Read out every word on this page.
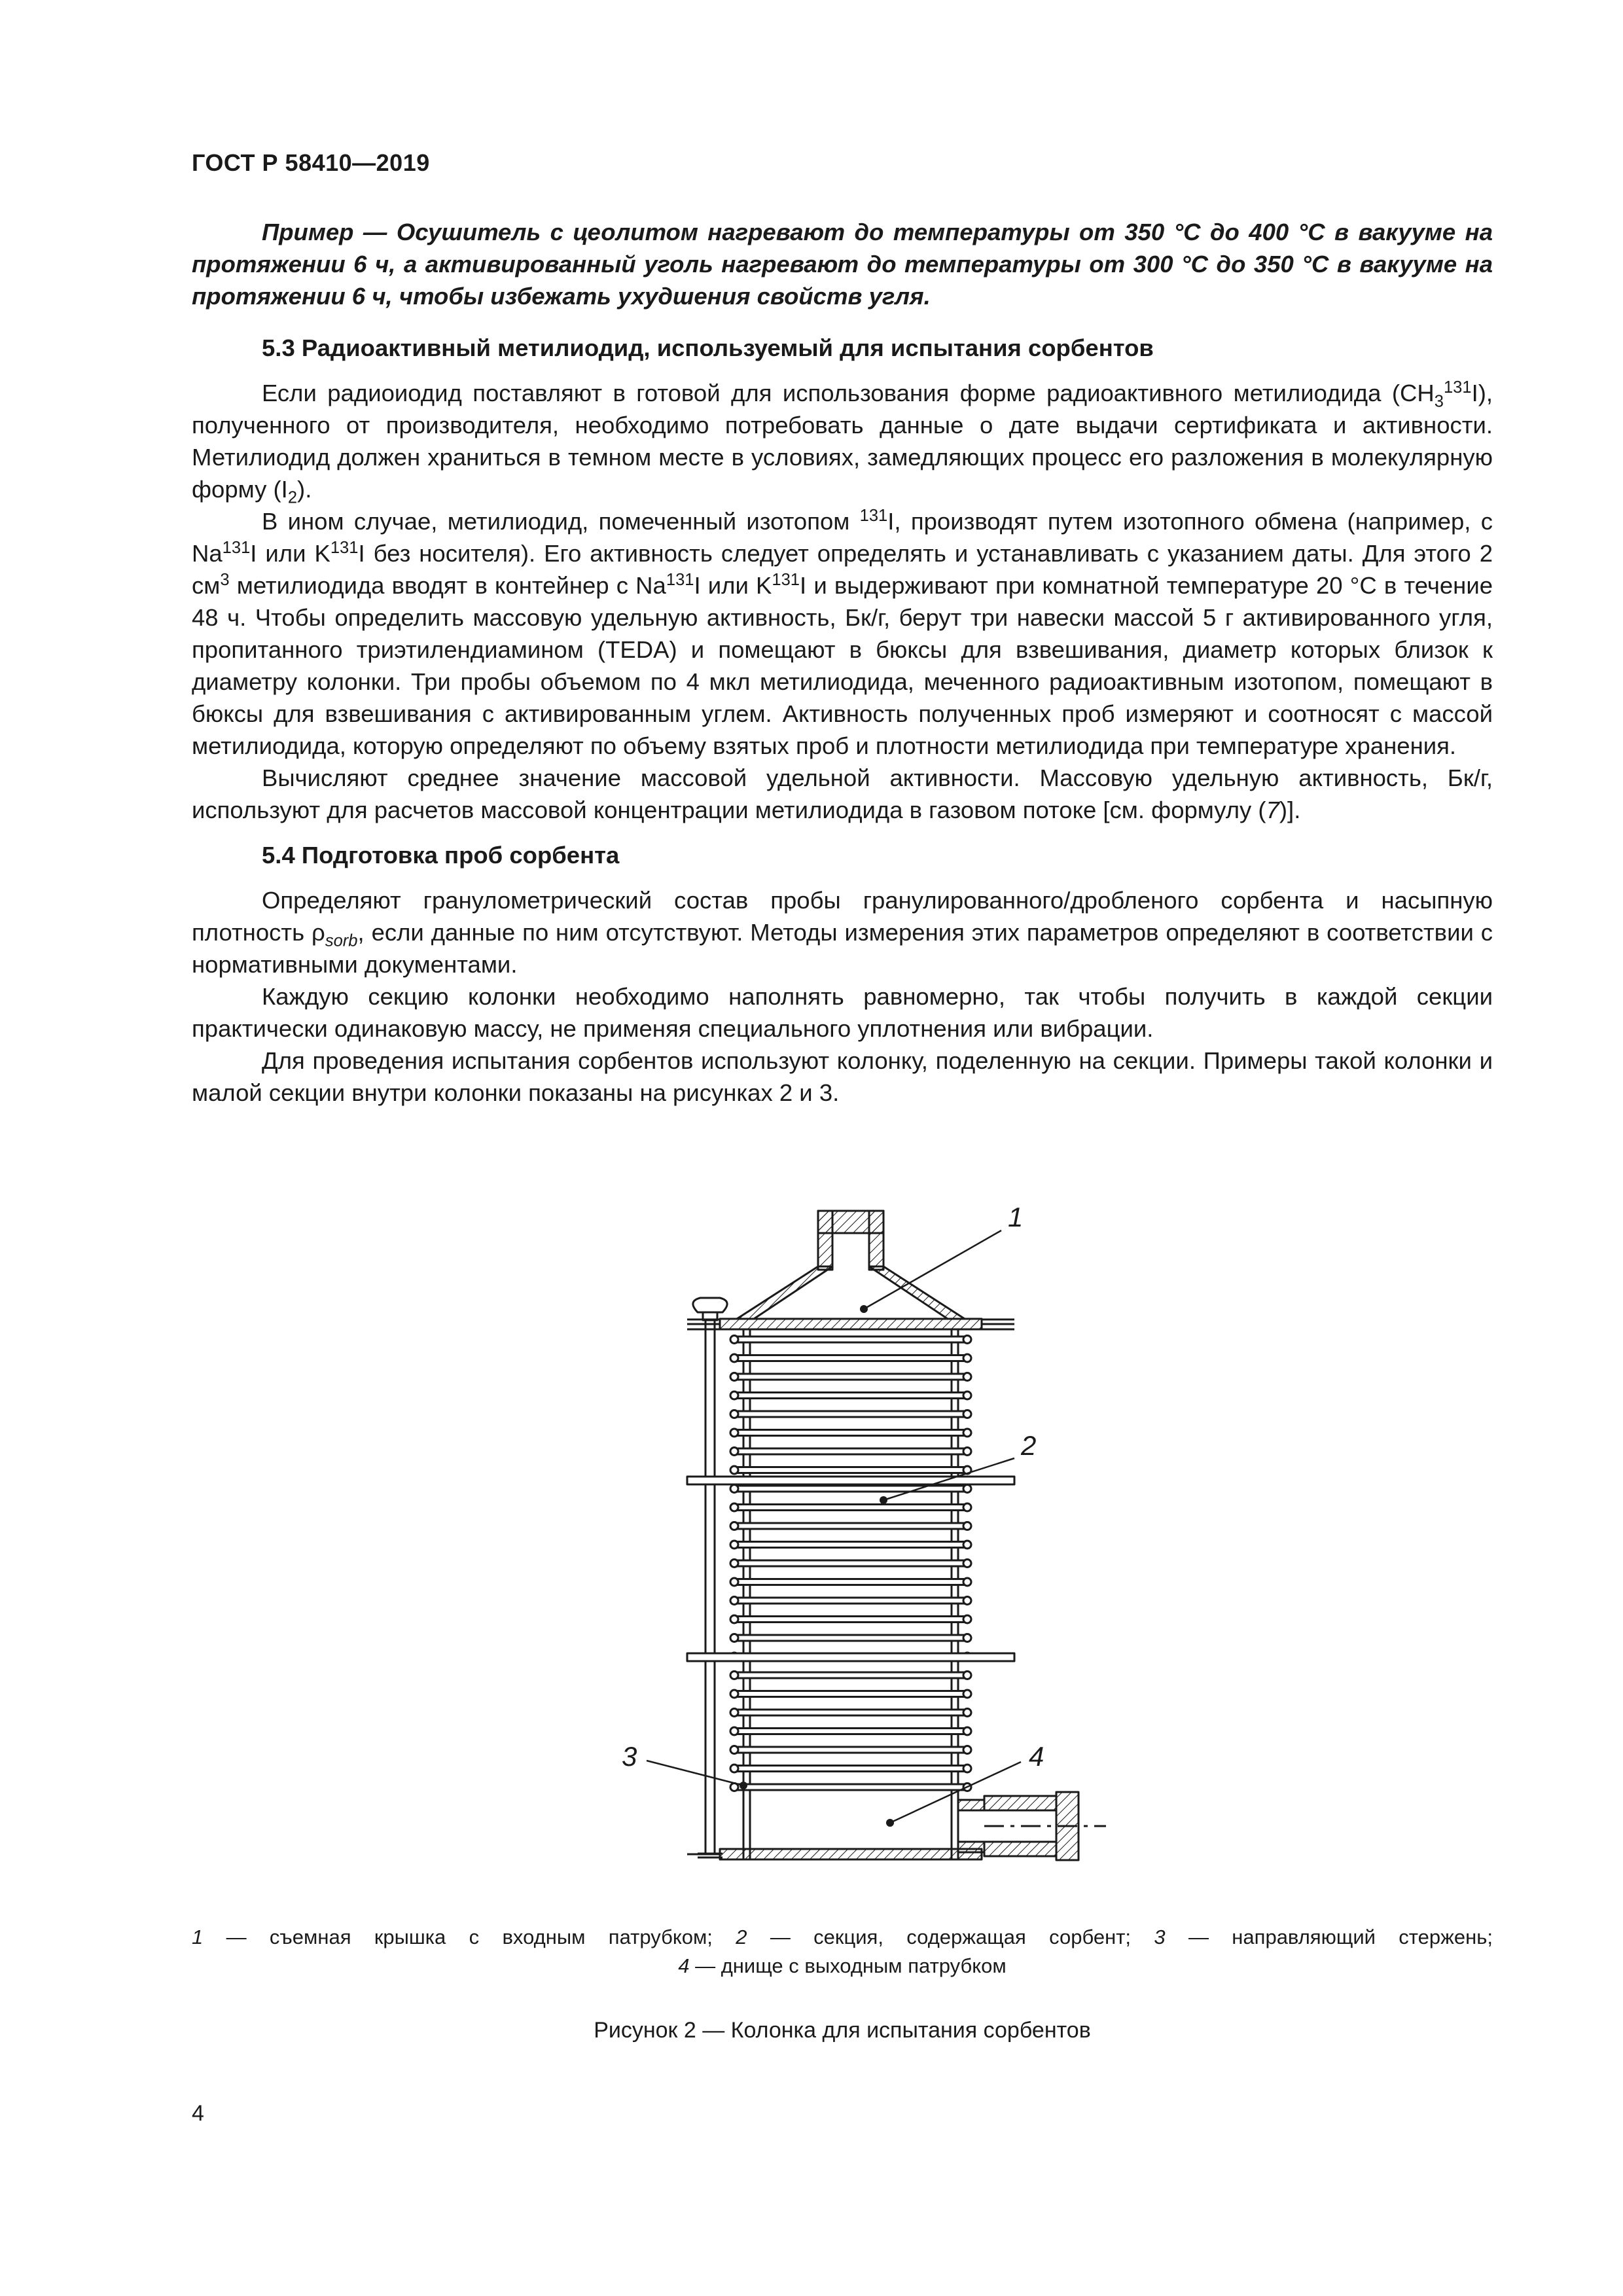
ГОСТ Р 58410—2019

Пример — Осушитель с цеолитом нагревают до температуры от 350 °С до 400 °С в вакууме на протяжении 6 ч, а активированный уголь нагревают до температуры от 300 °С до 350 °С в вакууме на протяжении 6 ч, чтобы избежать ухудшения свойств угля.

5.3 Радиоактивный метилиодид, используемый для испытания сорбентов

Если радиоиодид поставляют в готовой для использования форме радиоактивного метилиодида $(CH_3^{131}I)$, полученного от производителя, необходимо потребовать данные о дате выдачи сертификата и активности. Метилиодид должен храниться в темном месте в условиях, замедляющих процесс его разложения в молекулярную форму $(I_2)$.

В ином случае, метилиодид, помеченный изотопом $^{131}$I, производят путем изотопного обмена (например, с Na$^{131}$I или $K^{131}I$ без носителя). Его активность следует определять и устанавливать с указанием даты. Для этого 2 $см^3$ метилиодида вводят в контейнер с Na$^{131}$I или $K^{131}I$ и выдерживают при комнатной температуре 20 °С в течение 48 ч. Чтобы определить массовую удельную активность, Бк/г, берут три навески массой 5 г активированного угля, пропитанного триэтилендиамином (TEDA) и помещают в бюксы для взвешивания, диаметр которых близок к диаметру колонки. Три пробы объемом по 4 мкл метилиодида, меченного радиоактивным изотопом, помещают в бюксы для взвешивания с активированным углем. Активность полученных проб измеряют и соотносят с массой метилиодида, которую определяют по объему взятых проб и плотности метилиодида при температуре хранения.

Вычисляют среднее значение массовой удельной активности. Массовую удельную активность, Бк/г, используют для расчетов массовой концентрации метилиодида в газовом потоке [см. формулу (7)].

5.4 Подготовка проб сорбента

Определяют гранулометрический состав пробы гранулированного/дробленого сорбента и насыпную плотность $\rho_{sorb}$, если данные по ним отсутствуют. Методы измерения этих параметров определяют в соответствии с нормативными документами.

Каждую секцию колонки необходимо наполнять равномерно, так чтобы получить в каждой секции практически одинаковую массу, не применяя специального уплотнения или вибрации.

Для проведения испытания сорбентов используют колонку, поделенную на секции. Примеры такой колонки и малой секции внутри колонки показаны на рисунках 2 и 3.

1
2
3	4
1 — съемная крышка с входным патрубком; 2 — секция, содержащая сорбент; 3 — направляющий стержень;
4 — днище с выходным патрубком
Рисунок 2 — Колонка для испытания сорбентов
4
